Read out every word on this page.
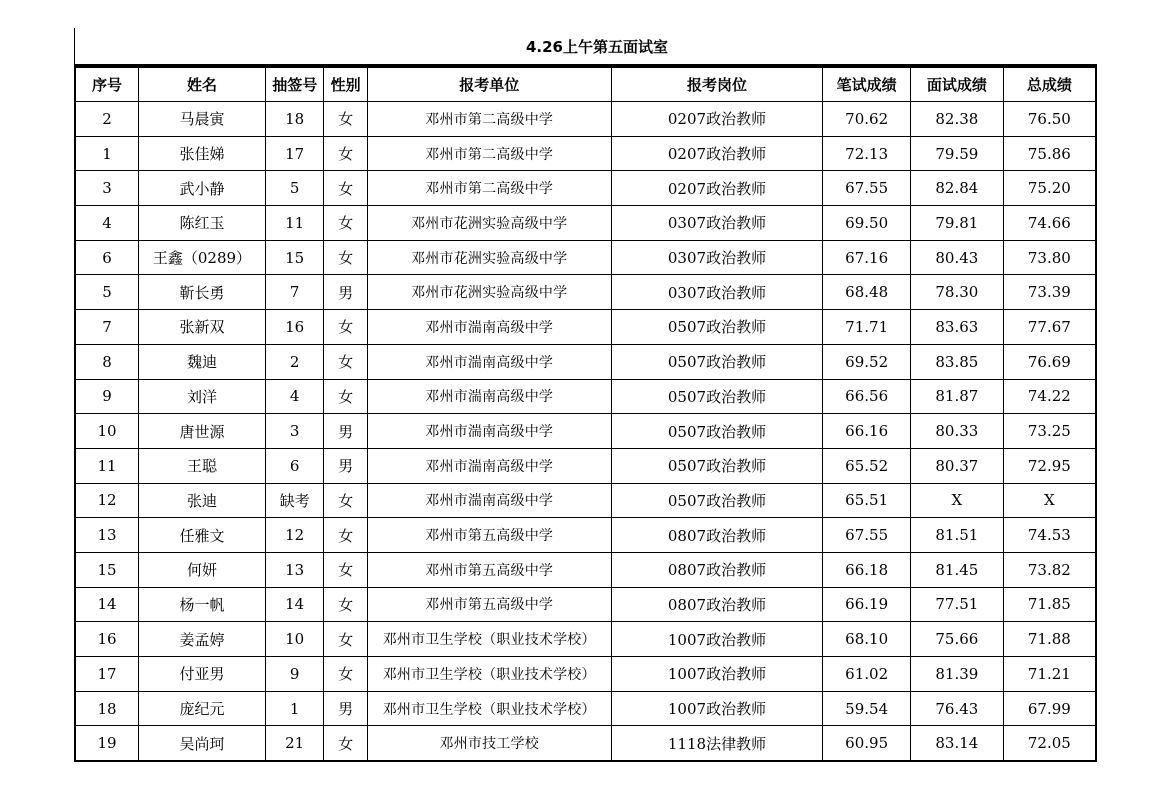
4.26上午第五面试室
序号	姓名	抽签号	性别	报考单位	报考岗位	笔试成绩	面试成绩	总成绩
2	马晨寅	18	女	邓州市第二高级中学	0207政治教师	70.62	82.38	76.50
1	张佳娣	17	女	邓州市第二高级中学	0207政治教师	72.13	79.59	75.86
3	武小静	5	女	邓州市第二高级中学	0207政治教师	67.55	82.84	75.20
4	陈红玉	11	女	邓州市花洲实验高级中学	0307政治教师	69.50	79.81	74.66
6	王鑫（0289）	15	女	邓州市花洲实验高级中学	0307政治教师	67.16	80.43	73.80
5	靳长勇	7	男	邓州市花洲实验高级中学	0307政治教师	68.48	78.30	73.39
7	张新双	16	女	邓州市湍南高级中学	0507政治教师	71.71	83.63	77.67
8	魏迪	2	女	邓州市湍南高级中学	0507政治教师	69.52	83.85	76.69
9	刘洋	4	女	邓州市湍南高级中学	0507政治教师	66.56	81.87	74.22
10	唐世源	3	男	邓州市湍南高级中学	0507政治教师	66.16	80.33	73.25
11	王聪	6	男	邓州市湍南高级中学	0507政治教师	65.52	80.37	72.95
12	张迪	缺考	女	邓州市湍南高级中学	0507政治教师	65.51	X	X
13	任雅文	12	女	邓州市第五高级中学	0807政治教师	67.55	81.51	74.53
15	何妍	13	女	邓州市第五高级中学	0807政治教师	66.18	81.45	73.82
14	杨一帆	14	女	邓州市第五高级中学	0807政治教师	66.19	77.51	71.85
16	姜孟婷	10	女	邓州市卫生学校（职业技术学校）	1007政治教师	68.10	75.66	71.88
17	付亚男	9	女	邓州市卫生学校（职业技术学校）	1007政治教师	61.02	81.39	71.21
18	庞纪元	1	男	邓州市卫生学校（职业技术学校）	1007政治教师	59.54	76.43	67.99
19	吴尚珂	21	女	邓州市技工学校	1118法律教师	60.95	83.14	72.05
